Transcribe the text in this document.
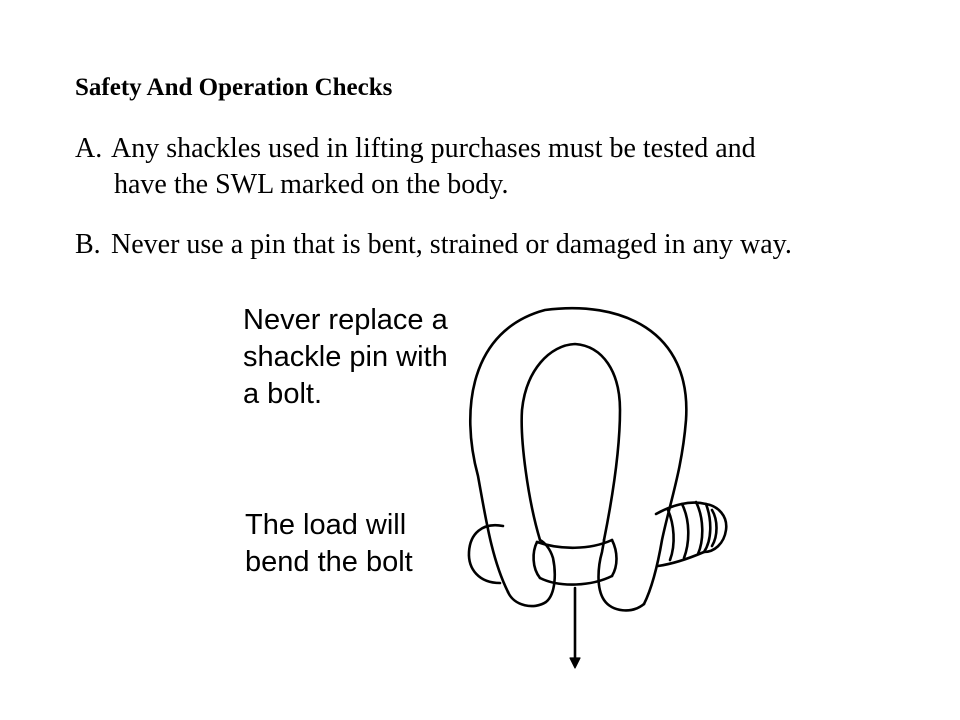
Safety And Operation Checks
A. Any shackles used in lifting purchases must be tested and
have the SWL marked on the body.
B. Never use a pin that is bent, strained or damaged in any way.
Never replace a
shackle pin with
a bolt.
The load will
bend the bolt
